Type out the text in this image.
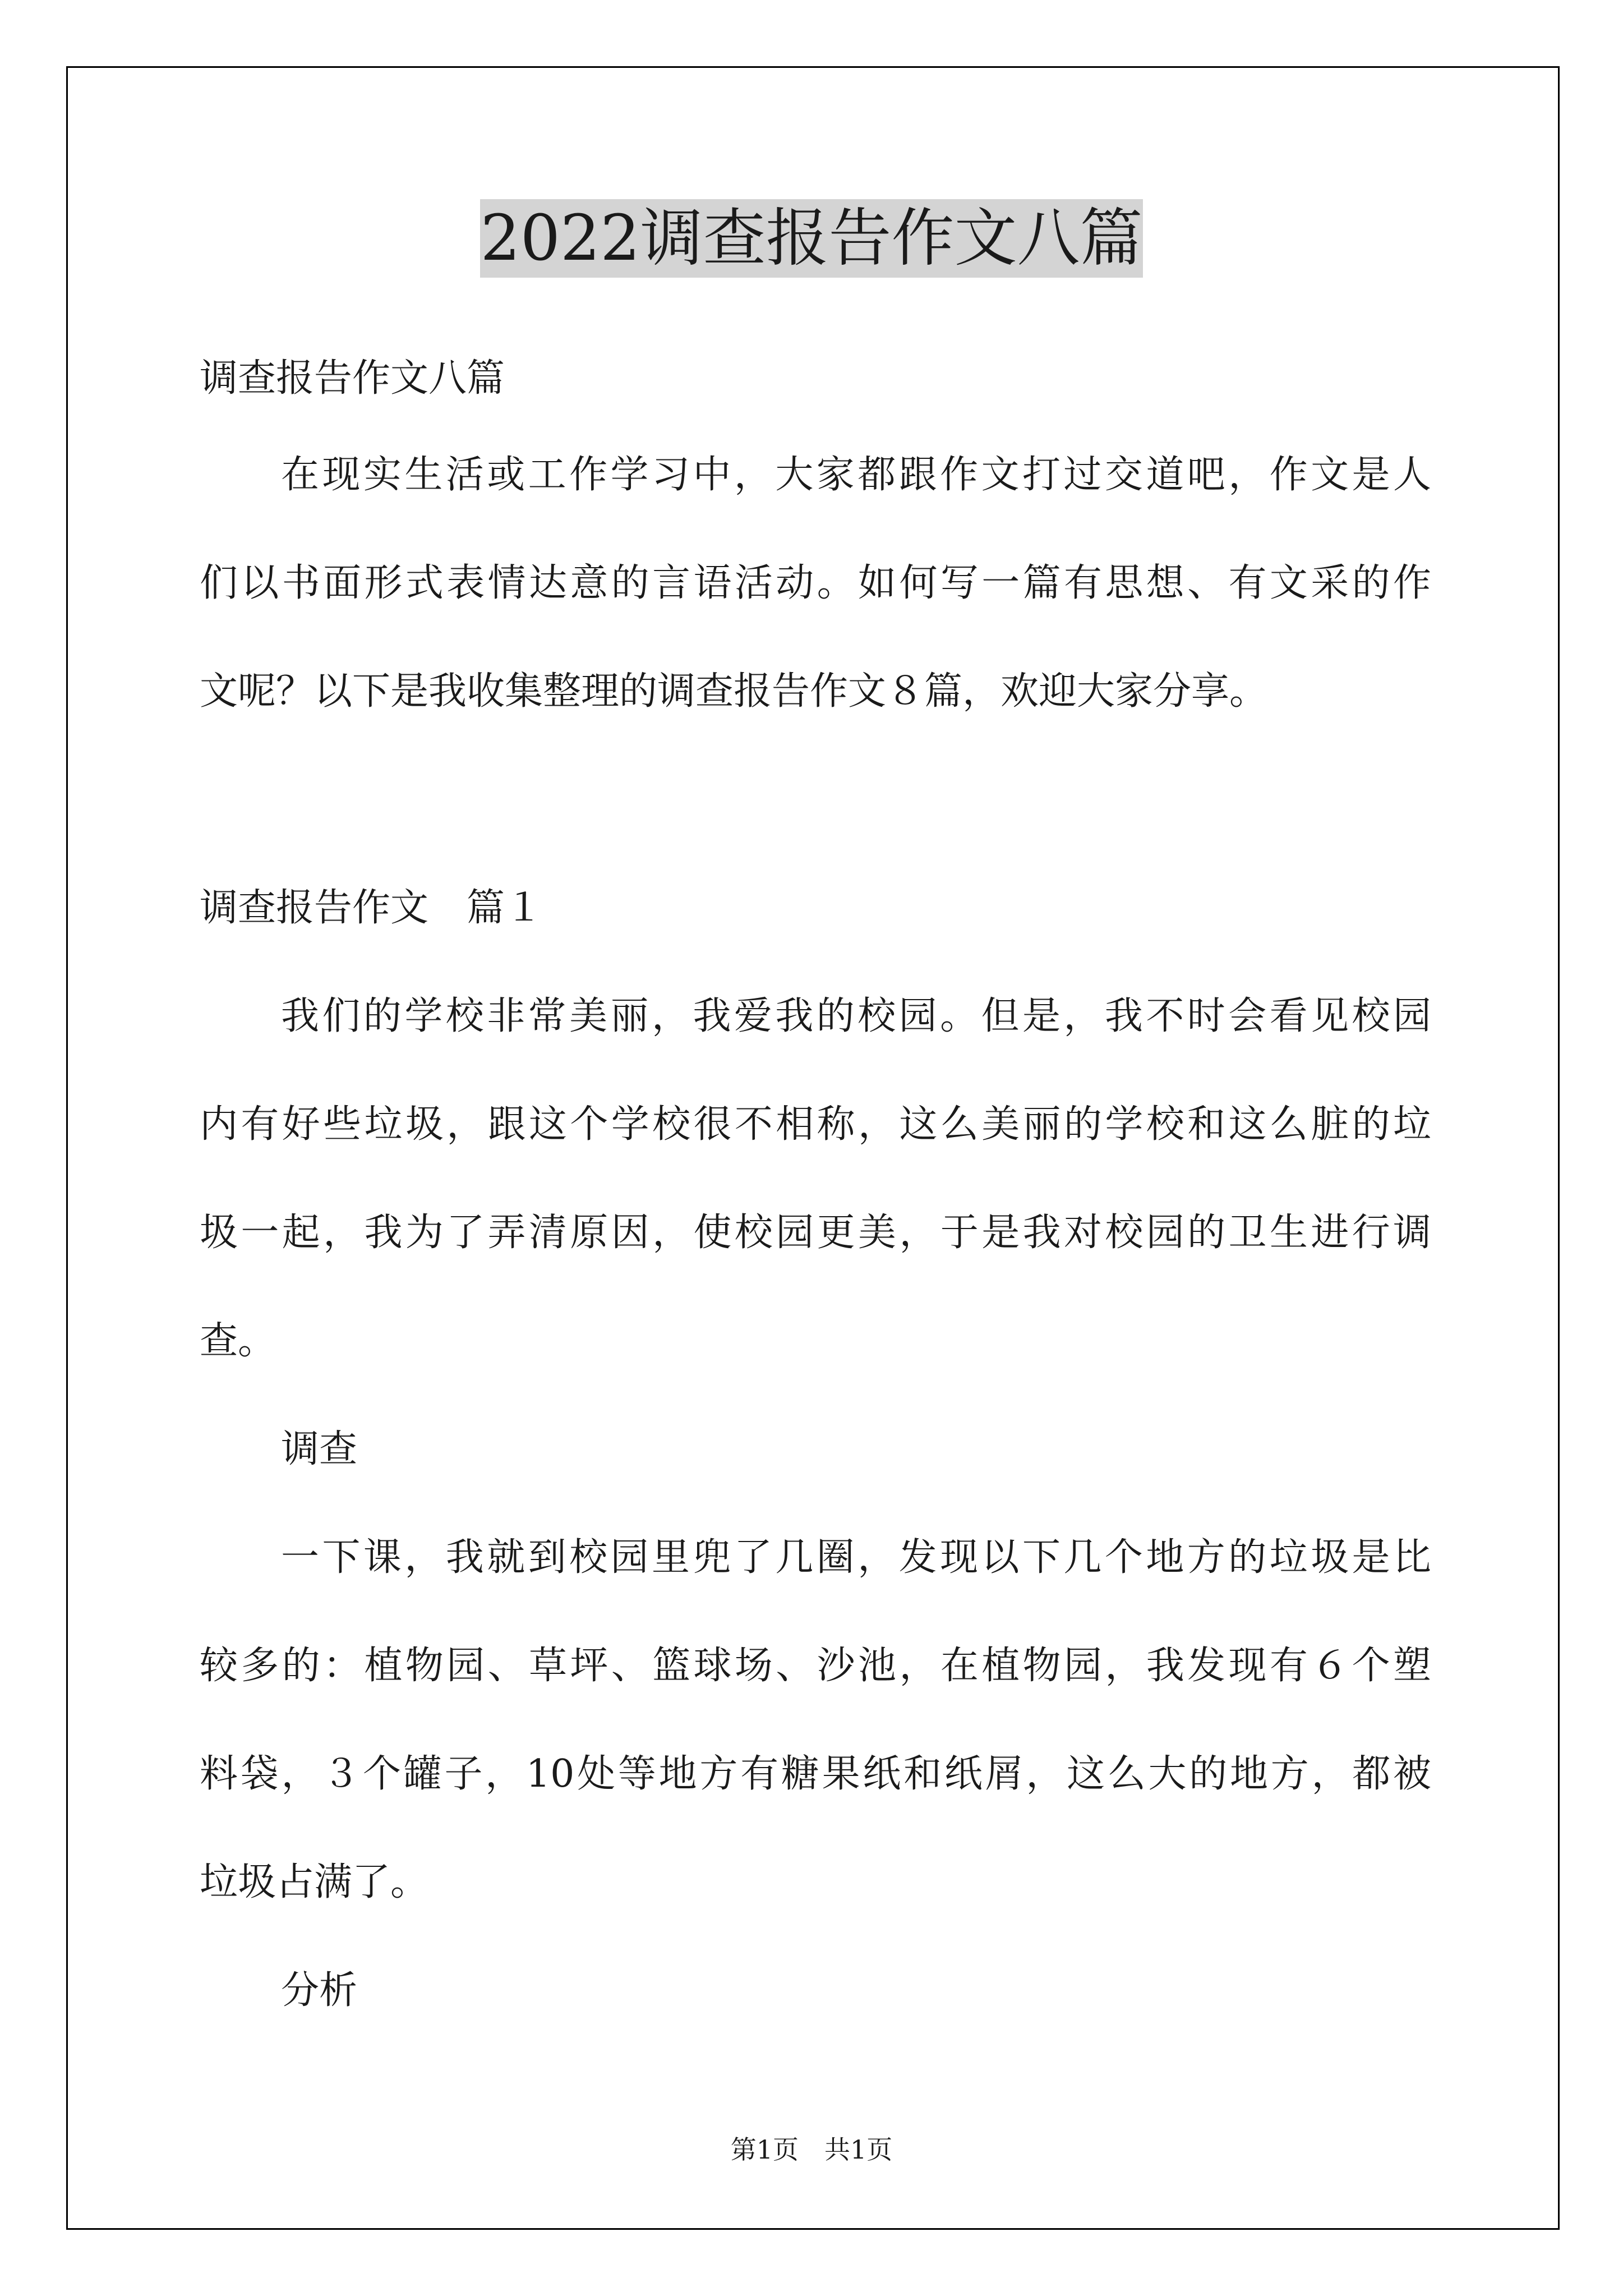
2022调查报告作文八篇
调查报告作文八篇
在现实生活或工作学习中，大家都跟作文打过交道吧，作文是人
们以书面形式表情达意的言语活动。如何写一篇有思想、有文采的作
文呢？以下是我收集整理的调查报告作文８篇，欢迎大家分享。
调查报告作文　篇１
我们的学校非常美丽，我爱我的校园。但是，我不时会看见校园
内有好些垃圾，跟这个学校很不相称，这么美丽的学校和这么脏的垃
圾一起，我为了弄清原因，使校园更美，于是我对校园的卫生进行调
查。
调查
一下课，我就到校园里兜了几圈，发现以下几个地方的垃圾是比
较多的：植物园、草坪、篮球场、沙池，在植物园，我发现有６个塑
料袋，３个罐子，10处等地方有糖果纸和纸屑，这么大的地方，都被
垃圾占满了。
分析
第1页　共1页
